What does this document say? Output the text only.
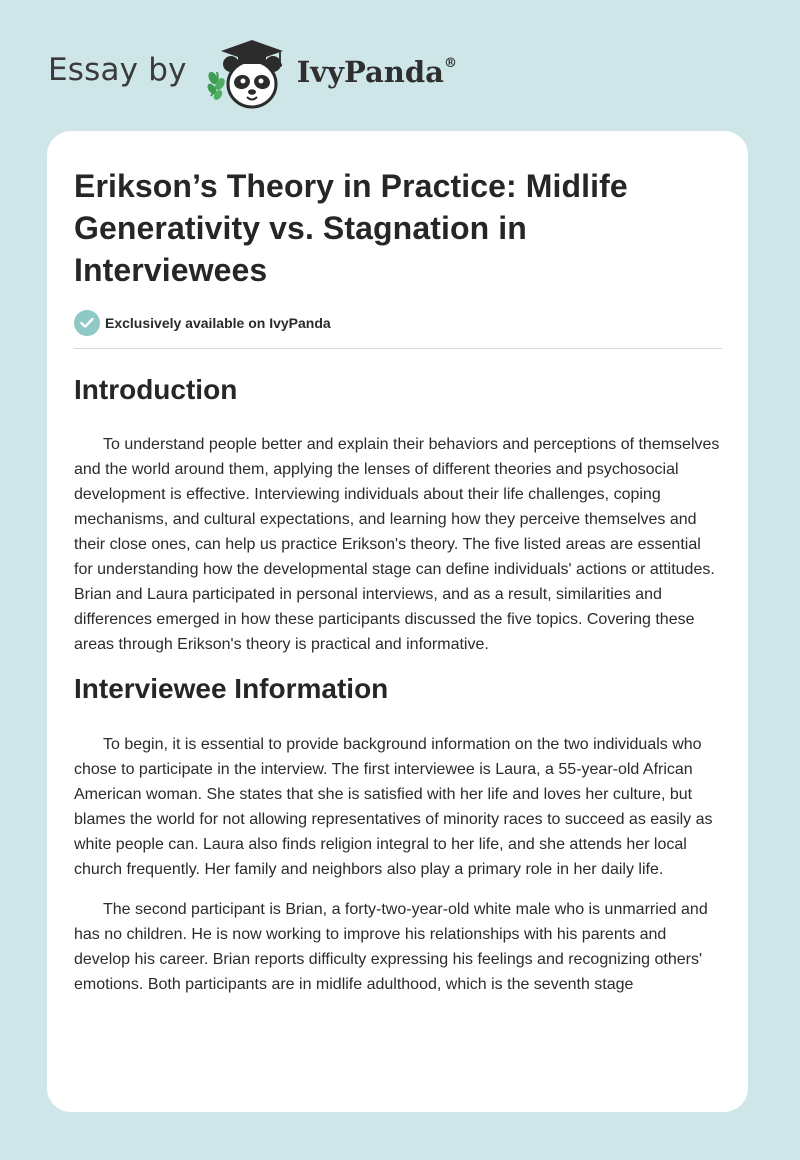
Essay by	IvyPanda®
Erikson’s Theory in Practice: Midlife Generativity vs. Stagnation in Interviewees
Exclusively available on IvyPanda
Introduction

To understand people better and explain their behaviors and perceptions of themselves and the world around them, applying the lenses of different theories and psychosocial development is effective. Interviewing individuals about their life challenges, coping mechanisms, and cultural expectations, and learning how they perceive themselves and their close ones, can help us practice Erikson's theory. The five listed areas are essential for understanding how the developmental stage can define individuals' actions or attitudes. Brian and Laura participated in personal interviews, and as a result, similarities and differences emerged in how these participants discussed the five topics. Covering these areas through Erikson's theory is practical and informative.

Interviewee Information

To begin, it is essential to provide background information on the two individuals who chose to participate in the interview. The first interviewee is Laura, a 55-year-old African American woman. She states that she is satisfied with her life and loves her culture, but blames the world for not allowing representatives of minority races to succeed as easily as white people can. Laura also finds religion integral to her life, and she attends her local church frequently. Her family and neighbors also play a primary role in her daily life.

The second participant is Brian, a forty-two-year-old white male who is unmarried and has no children. He is now working to improve his relationships with his parents and develop his career. Brian reports difficulty expressing his feelings and recognizing others' emotions. Both participants are in midlife adulthood, which is the seventh stage
